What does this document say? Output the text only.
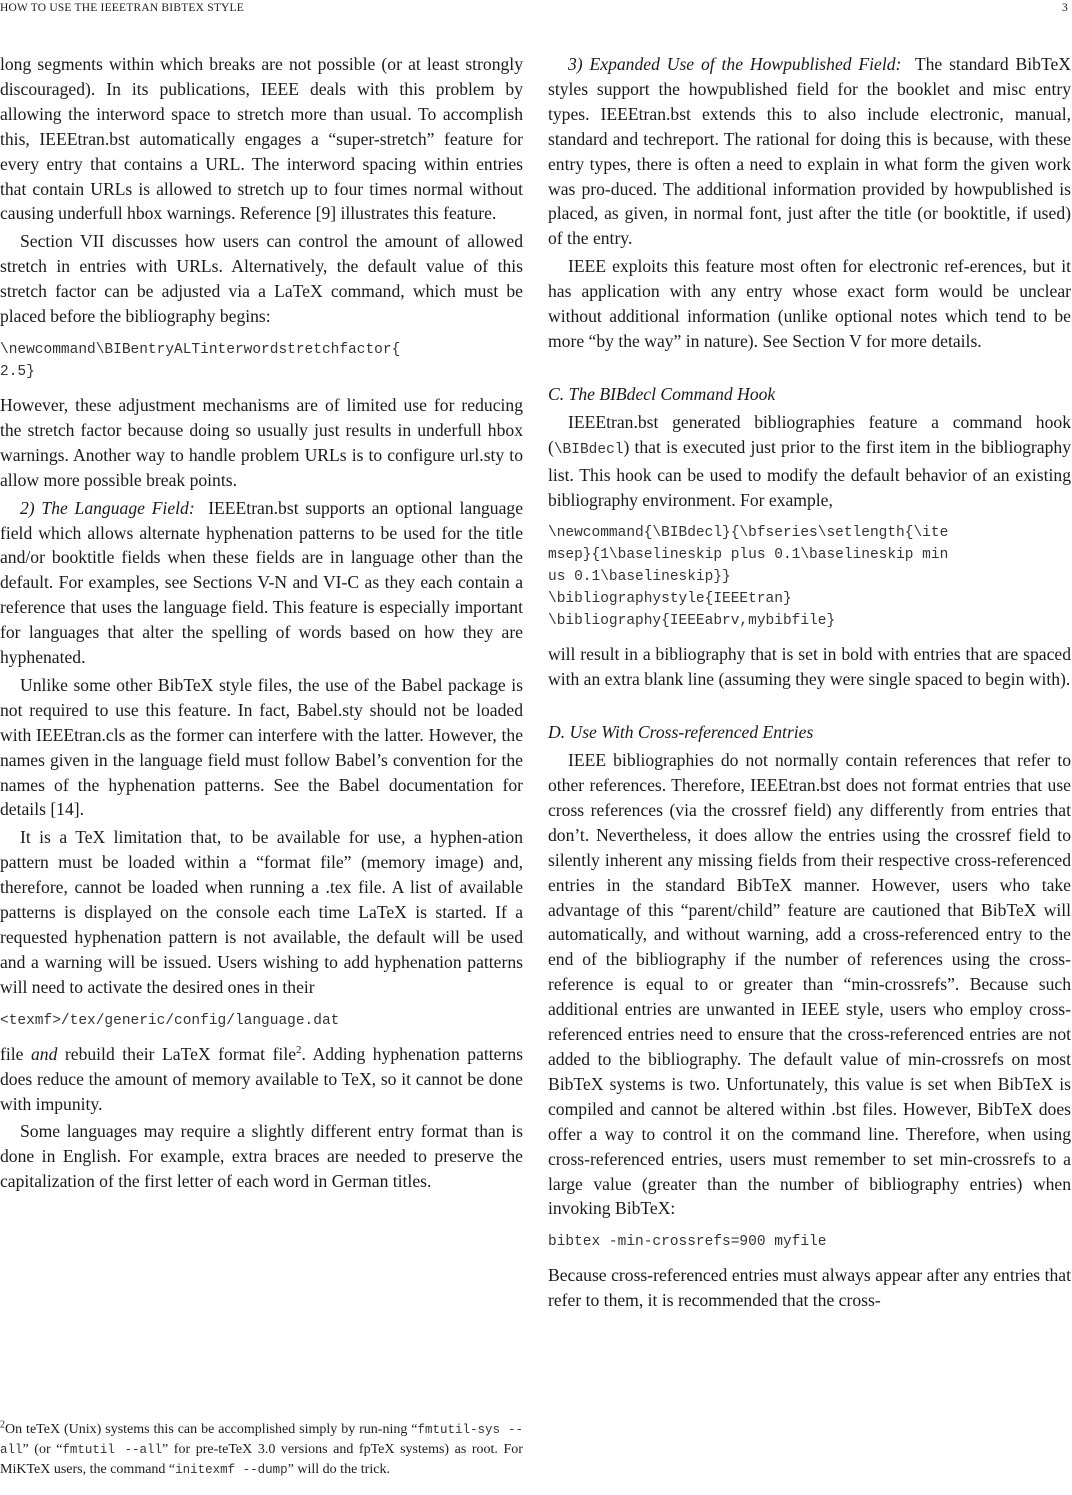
HOW TO USE THE IEEETRAN BIBTEX STYLE	3

long segments within which breaks are not possible (or at least strongly discouraged). In its publications, IEEE deals with this problem by allowing the interword space to stretch more than usual. To accomplish this, IEEEtran.bst automatically engages a “super-stretch” feature for every entry that contains a URL. The interword spacing within entries that contain URLs is allowed to stretch up to four times normal without causing underfull hbox warnings. Reference [9] illustrates this feature.

Section VII discusses how users can control the amount of allowed stretch in entries with URLs. Alternatively, the default value of this stretch factor can be adjusted via a LaTeX command, which must be placed before the bibliography begins:

\newcommand\BIBentryALTinterwordstretchfactor{
2.5}

However, these adjustment mechanisms are of limited use for reducing the stretch factor because doing so usually just results in underfull hbox warnings. Another way to handle problem URLs is to configure url.sty to allow more possible break points.

2) The Language Field: IEEEtran.bst supports an optional language field which allows alternate hyphenation patterns to be used for the title and/or booktitle fields when these fields are in language other than the default. For examples, see Sections V-N and VI-C as they each contain a reference that uses the language field. This feature is especially important for languages that alter the spelling of words based on how they are hyphenated.

Unlike some other BibTeX style files, the use of the Babel package is not required to use this feature. In fact, Babel.sty should not be loaded with IEEEtran.cls as the former can interfere with the latter. However, the names given in the language field must follow Babel’s convention for the names of the hyphenation patterns. See the Babel documentation for details [14].

It is a TeX limitation that, to be available for use, a hyphen-ation pattern must be loaded within a “format file” (memory image) and, therefore, cannot be loaded when running a .tex file. A list of available patterns is displayed on the console each time LaTeX is started. If a requested hyphenation pattern is not available, the default will be used and a warning will be issued. Users wishing to add hyphenation patterns will need to activate the desired ones in their

<texmf>/tex/generic/config/language.dat

file and rebuild their LaTeX format file$^2$. Adding hyphenation patterns does reduce the amount of memory available to TeX, so it cannot be done with impunity.

Some languages may require a slightly different entry format than is done in English. For example, extra braces are needed to preserve the capitalization of the first letter of each word in German titles.

$^2$On teTeX (Unix) systems this can be accomplished simply by run-ning “fmtutil-sys --all” (or “fmtutil --all” for pre-teTeX 3.0 versions and fpTeX systems) as root. For MiKTeX users, the command “initexmf --dump” will do the trick.

3) Expanded Use of the Howpublished Field: The standard BibTeX styles support the howpublished field for the booklet and misc entry types. IEEEtran.bst extends this to also include electronic, manual, standard and techreport. The rational for doing this is because, with these entry types, there is often a need to explain in what form the given work was pro-duced. The additional information provided by howpublished is placed, as given, in normal font, just after the title (or booktitle, if used) of the entry.

IEEE exploits this feature most often for electronic ref-erences, but it has application with any entry whose exact form would be unclear without additional information (unlike optional notes which tend to be more “by the way” in nature). See Section V for more details.

C. The BIBdecl Command Hook

IEEEtran.bst generated bibliographies feature a command hook (\BIBdecl) that is executed just prior to the first item in the bibliography list. This hook can be used to modify the default behavior of an existing bibliography environment. For example,

\newcommand{\BIBdecl}{\bfseries\setlength{\ite
msep}{1\baselineskip plus 0.1\baselineskip min
us 0.1\baselineskip}}
\bibliographystyle{IEEEtran}
\bibliography{IEEEabrv,mybibfile}

will result in a bibliography that is set in bold with entries that are spaced with an extra blank line (assuming they were single spaced to begin with).

D. Use With Cross-referenced Entries

IEEE bibliographies do not normally contain references that refer to other references. Therefore, IEEEtran.bst does not format entries that use cross references (via the crossref field) any differently from entries that don’t. Nevertheless, it does allow the entries using the crossref field to silently inherent any missing fields from their respective cross-referenced entries in the standard BibTeX manner. However, users who take advantage of this “parent/child” feature are cautioned that BibTeX will automatically, and without warning, add a cross-referenced entry to the end of the bibliography if the number of references using the cross-reference is equal to or greater than “min-crossrefs”. Because such additional entries are unwanted in IEEE style, users who employ cross-referenced entries need to ensure that the cross-referenced entries are not added to the bibliography. The default value of min-crossrefs on most BibTeX systems is two. Unfortunately, this value is set when BibTeX is compiled and cannot be altered within .bst files. However, BibTeX does offer a way to control it on the command line. Therefore, when using cross-referenced entries, users must remember to set min-crossrefs to a large value (greater than the number of bibliography entries) when invoking BibTeX:

bibtex -min-crossrefs=900 myfile

Because cross-referenced entries must always appear after any entries that refer to them, it is recommended that the cross-
